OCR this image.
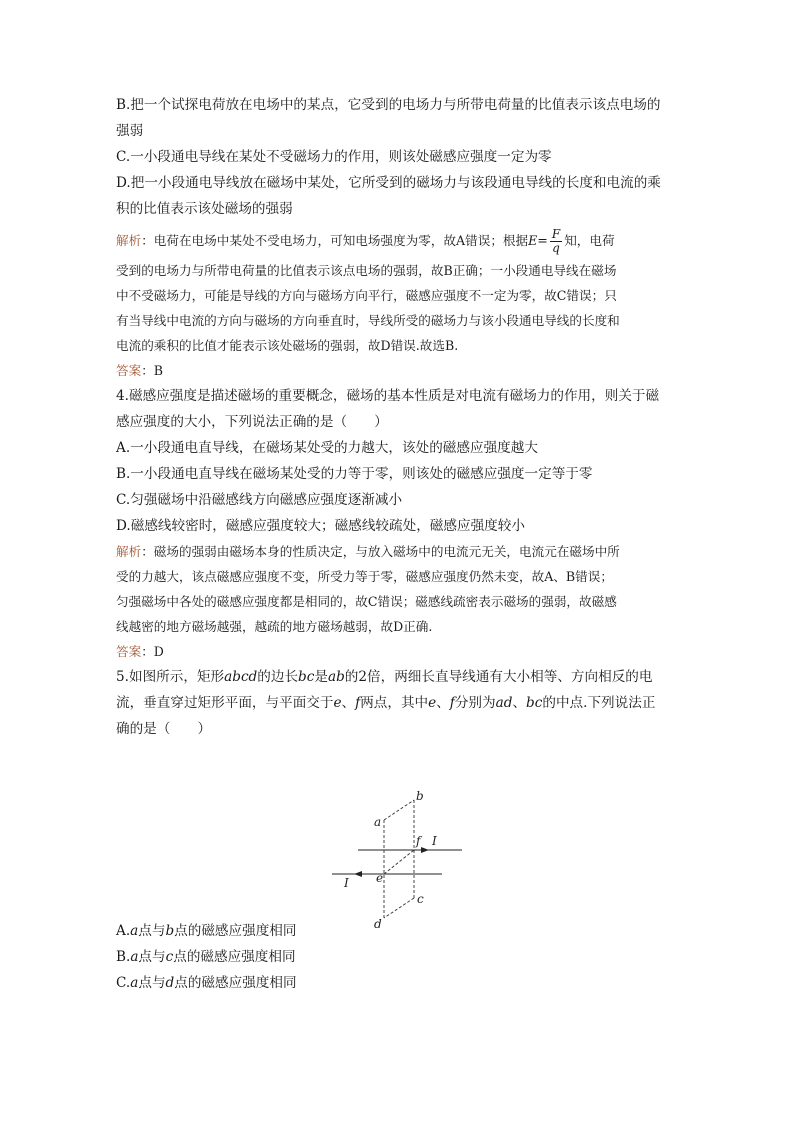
B.把一个试探电荷放在电场中的某点，它受到的电场力与所带电荷量的比值表示该点电场的
强弱
C.一小段通电导线在某处不受磁场力的作用，则该处磁感应强度一定为零
D.把一小段通电导线放在磁场中某处，它所受到的磁场力与该段通电导线的长度和电流的乘
积的比值表示该处磁场的强弱
解析：电荷在电场中某处不受电场力，可知电场强度为零，故A错误；根据$E= \frac{F}{q}$ 知，电荷
受到的电场力与所带电荷量的比值表示该点电场的强弱，故B正确；一小段通电导线在磁场
中不受磁场力，可能是导线的方向与磁场方向平行，磁感应强度不一定为零，故C错误；只
有当导线中电流的方向与磁场的方向垂直时，导线所受的磁场力与该小段通电导线的长度和
电流的乘积的比值才能表示该处磁场的强弱，故D错误.故选B.
答案：B
4.磁感应强度是描述磁场的重要概念，磁场的基本性质是对电流有磁场力的作用，则关于磁
感应强度的大小，下列说法正确的是（　　）
A.一小段通电直导线，在磁场某处受的力越大，该处的磁感应强度越大
B.一小段通电直导线在磁场某处受的力等于零，则该处的磁感应强度一定等于零
C.匀强磁场中沿磁感线方向磁感应强度逐渐减小
D.磁感线较密时，磁感应强度较大；磁感线较疏处，磁感应强度较小
解析：磁场的强弱由磁场本身的性质决定，与放入磁场中的电流元无关，电流元在磁场中所
受的力越大，该点磁感应强度不变，所受力等于零，磁感应强度仍然未变，故A、B错误；
匀强磁场中各处的磁感应强度都是相同的，故C错误；磁感线疏密表示磁场的强弱，故磁感
线越密的地方磁场越强，越疏的地方磁场越弱，故D正确.
答案：D
5.如图所示，矩形abcd的边长bc是ab的2倍，两细长直导线通有大小相等、方向相反的电
流，垂直穿过矩形平面，与平面交于e、f两点，其中e、f分别为ad、bc的中点.下列说法正
确的是（　　）
A.a点与b点的磁感应强度相同
B.a点与c点的磁感应强度相同
C.a点与d点的磁感应强度相同
a
b
c
d
e
f I
I
